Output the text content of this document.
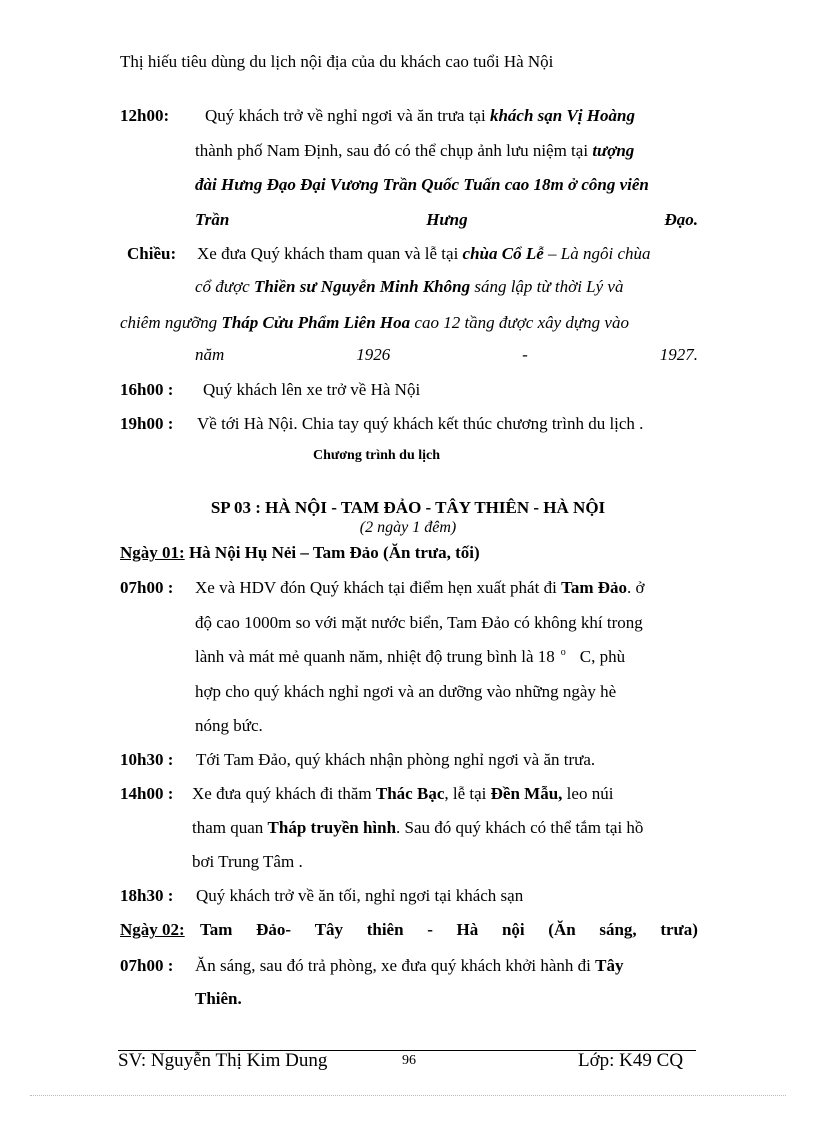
Thị hiếu tiêu dùng du lịch nội địa của du khách cao tuổi Hà Nội
12h00: Quý khách trở về nghỉ ngơi và ăn trưa tại khách sạn Vị Hoàng
thành phố Nam Định, sau đó có thể chụp ảnh lưu niệm tại tượng
đài Hưng Đạo Đại Vương Trần Quốc Tuấn cao 18m ở công viên
Trần	Hưng	Đạo.
Chiều: Xe đưa Quý khách tham quan và lễ tại chùa Cổ Lễ – Là ngôi chùa
cổ được Thiền sư Nguyễn Minh Không sáng lập từ thời Lý và
chiêm ngưỡng Tháp Cửu Phẩm Liên Hoa cao 12 tầng được xây dựng vào
năm	1926	-	1927.
16h00 : Quý khách lên xe trở về Hà Nội
19h00 : Về tới Hà Nội. Chia tay quý khách kết thúc chương trình du lịch .
Chương trình du lịch
SP 03 : HÀ NỘI - TAM ĐẢO - TÂY THIÊN - HÀ NỘI
(2 ngày 1 đêm)
Ngày 01: Hà Nội Hụ Nẻi – Tam Đảo (Ăn trưa, tối)
07h00 : Xe và HDV đón Quý khách tại điểm hẹn xuất phát đi Tam Đảo. ở
độ cao 1000m so với mặt nước biển, Tam Đảo có không khí trong
lành và mát mẻ quanh năm, nhiệt độ trung bình là 18 $^o$ C, phù
hợp cho quý khách nghỉ ngơi và an dưỡng vào những ngày hè
nóng bức.
10h30 : Tới Tam Đảo, quý khách nhận phòng nghỉ ngơi và ăn trưa.
14h00 : Xe đưa quý khách đi thăm Thác Bạc, lễ tại Đền Mẫu, leo núi
tham quan Tháp truyền hình. Sau đó quý khách có thể tắm tại hồ
bơi Trung Tâm .
18h30 : Quý khách trở về ăn tối, nghỉ ngơi tại khách sạn
Ngày 02: Tam Đảo- Tây thiên - Hà nội (Ăn sáng, trưa)
07h00 : Ăn sáng, sau đó trả phòng, xe đưa quý khách khởi hành đi Tây
Thiên.
SV: Nguyễn Thị Kim Dung	96	Lớp: K49 CQ
